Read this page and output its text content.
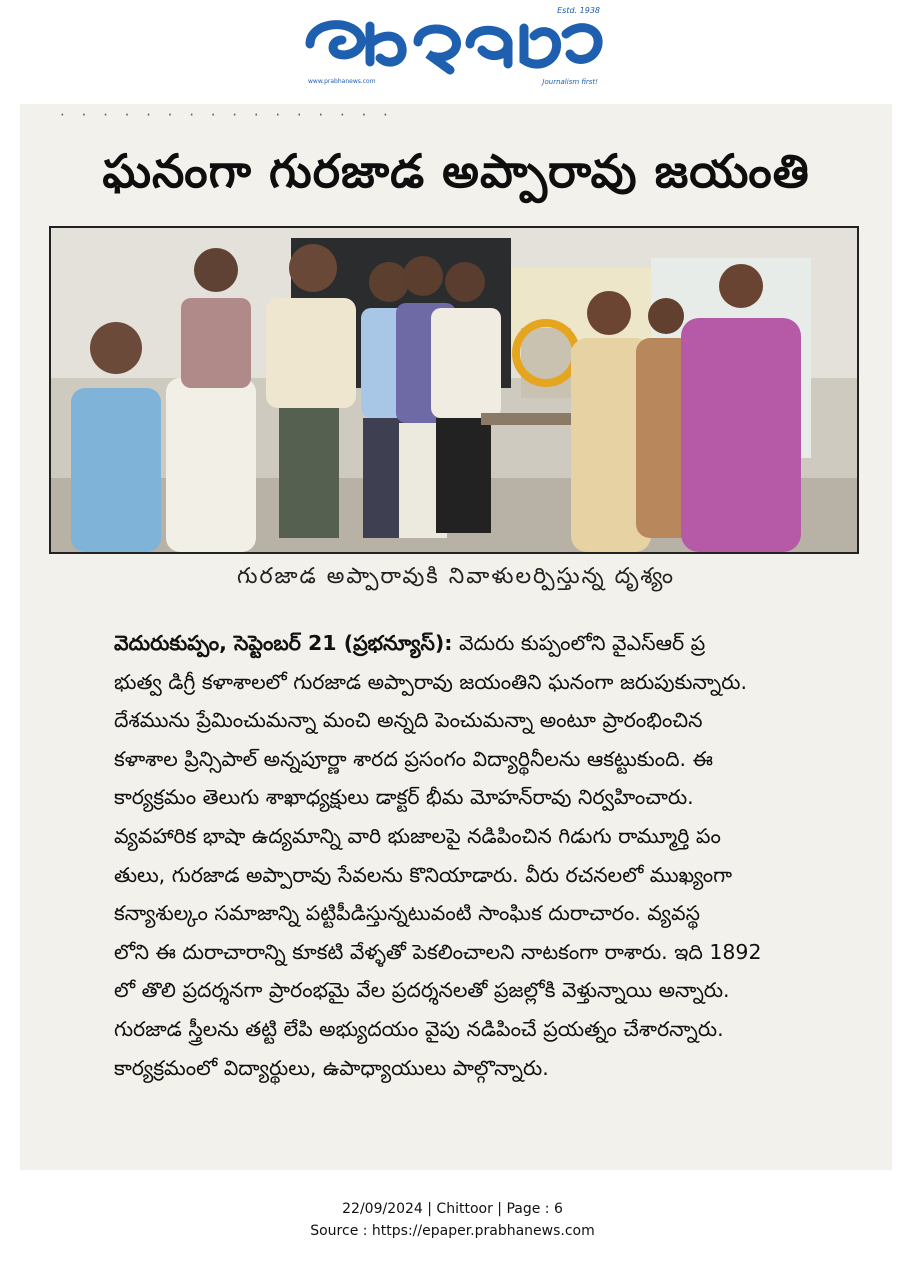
Estd. 1938
www.prabhanews.com	Journalism first!
· · · · · · · · · · · · · · · ·
ఘనంగా గురజాడ అప్పారావు జయంతి
గురజాడ అప్పారావుకి నివాళులర్పిస్తున్న దృశ్యం
వెదురుకుప్పం, సెప్టెంబర్ 21 (ప్రభన్యూస్): వెదురు కుప్పంలోని వైఎస్ఆర్ ప్ర
భుత్వ డిగ్రీ కళాశాలలో గురజాడ అప్పారావు జయంతిని ఘనంగా జరుపుకున్నారు.
దేశమును ప్రేమించుమన్నా మంచి అన్నది పెంచుమన్నా అంటూ ప్రారంభించిన
కళాశాల ప్రిన్సిపాల్ అన్నపూర్ణా శారద ప్రసంగం విద్యార్థినీలను ఆకట్టుకుంది. ఈ
కార్యక్రమం తెలుగు శాఖాధ్యక్షులు డాక్టర్ భీమ మోహన్‌రావు నిర్వహించారు.
వ్యవహారిక భాషా ఉద్యమాన్ని వారి భుజాలపై నడిపించిన గిడుగు రామ్మూర్తి పం
తులు, గురజాడ అప్పారావు సేవలను కొనియాడారు. వీరు రచనలలో ముఖ్యంగా
కన్యాశుల్కం సమాజాన్ని పట్టిపీడిస్తున్నటువంటి సాంఘిక దురాచారం. వ్యవస్థ
లోని ఈ దురాచారాన్ని కూకటి వేళ్ళతో పెకలించాలని నాటకంగా రాశారు. ఇది 1892
లో తొలి ప్రదర్శనగా ప్రారంభమై వేల ప్రదర్శనలతో ప్రజల్లోకి వెళ్తున్నాయి అన్నారు.
గురజాడ స్త్రీలను తట్టి లేపి అభ్యుదయం వైపు నడిపించే ప్రయత్నం చేశారన్నారు.
కార్యక్రమంలో విద్యార్థులు, ఉపాధ్యాయులు పాల్గొన్నారు.
22/09/2024 | Chittoor | Page : 6
Source : https://epaper.prabhanews.com
